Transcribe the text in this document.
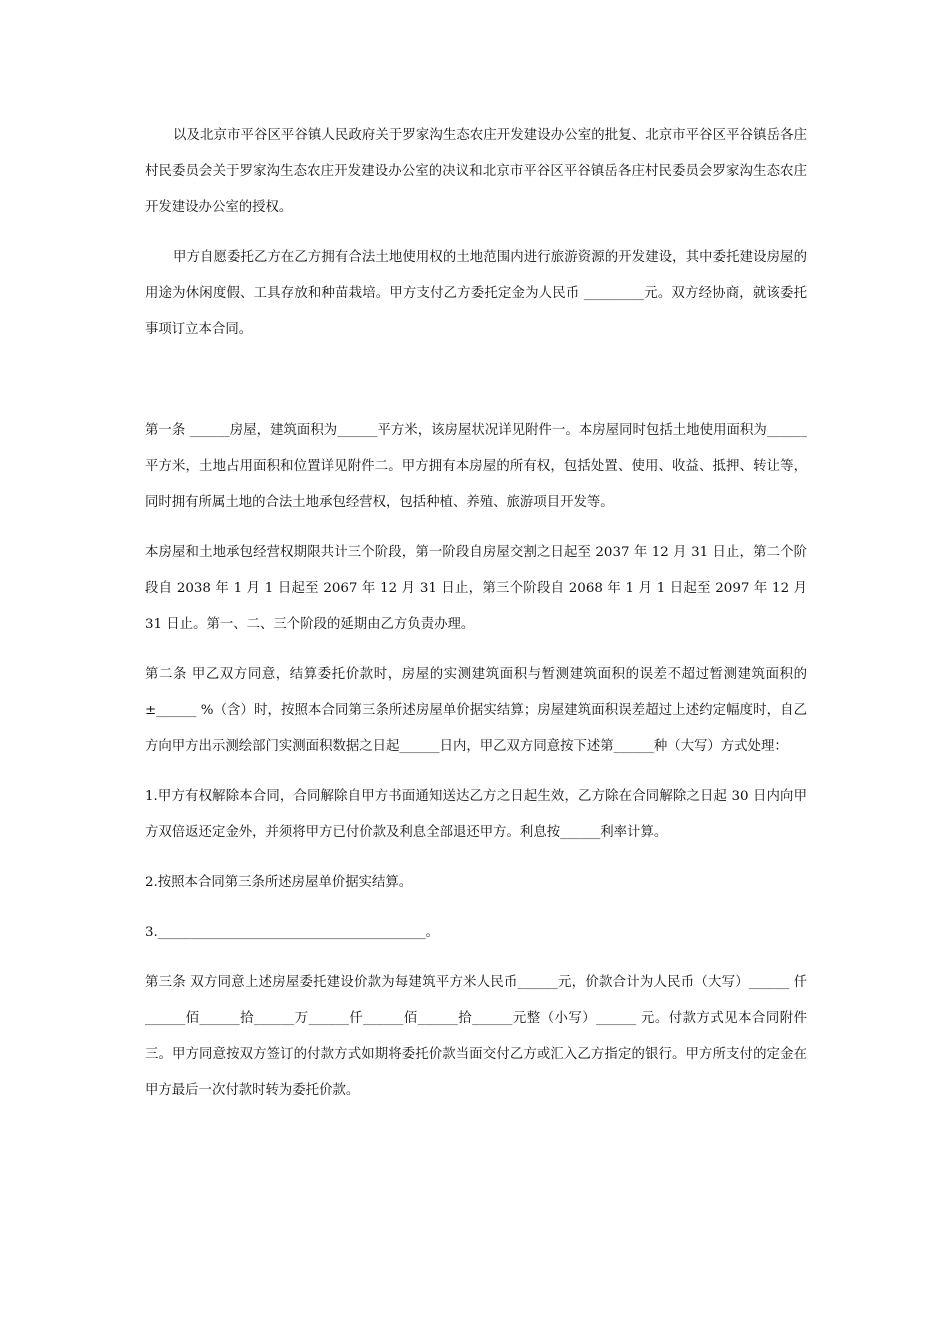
以及北京市平谷区平谷镇人民政府关于罗家沟生态农庄开发建设办公室的批复、北京市平谷区平谷镇岳各庄村民委员会关于罗家沟生态农庄开发建设办公室的决议和北京市平谷区平谷镇岳各庄村民委员会罗家沟生态农庄开发建设办公室的授权。

甲方自愿委托乙方在乙方拥有合法土地使用权的土地范围内进行旅游资源的开发建设，其中委托建设房屋的用途为休闲度假、工具存放和种苗栽培。甲方支付乙方委托定金为人民币 _________元。双方经协商，就该委托事项订立本合同。

第一条 ______房屋，建筑面积为______平方米，该房屋状况详见附件一。本房屋同时包括土地使用面积为______平方米，土地占用面积和位置详见附件二。甲方拥有本房屋的所有权，包括处置、使用、收益、抵押、转让等，同时拥有所属土地的合法土地承包经营权，包括种植、养殖、旅游项目开发等。

本房屋和土地承包经营权期限共计三个阶段，第一阶段自房屋交割之日起至 2037 年 12 月 31 日止，第二个阶段自 2038 年 1 月 1 日起至 2067 年 12 月 31 日止，第三个阶段自 2068 年 1 月 1 日起至 2097 年 12 月 31 日止。第一、二、三个阶段的延期由乙方负责办理。

第二条 甲乙双方同意，结算委托价款时，房屋的实测建筑面积与暂测建筑面积的误差不超过暂测建筑面积的±______ %（含）时，按照本合同第三条所述房屋单价据实结算；房屋建筑面积误差超过上述约定幅度时，自乙方向甲方出示测绘部门实测面积数据之日起______日内，甲乙双方同意按下述第______种（大写）方式处理：

1.甲方有权解除本合同，合同解除自甲方书面通知送达乙方之日起生效，乙方除在合同解除之日起 30 日内向甲方双倍返还定金外，并须将甲方已付价款及利息全部退还甲方。利息按______利率计算。

2.按照本合同第三条所述房屋单价据实结算。

3.________________________________________。

第三条 双方同意上述房屋委托建设价款为每建筑平方米人民币______元，价款合计为人民币（大写）______ 仟______佰______拾______万______仟______佰______拾______元整（小写）______ 元。付款方式见本合同附件三。甲方同意按双方签订的付款方式如期将委托价款当面交付乙方或汇入乙方指定的银行。甲方所支付的定金在甲方最后一次付款时转为委托价款。
